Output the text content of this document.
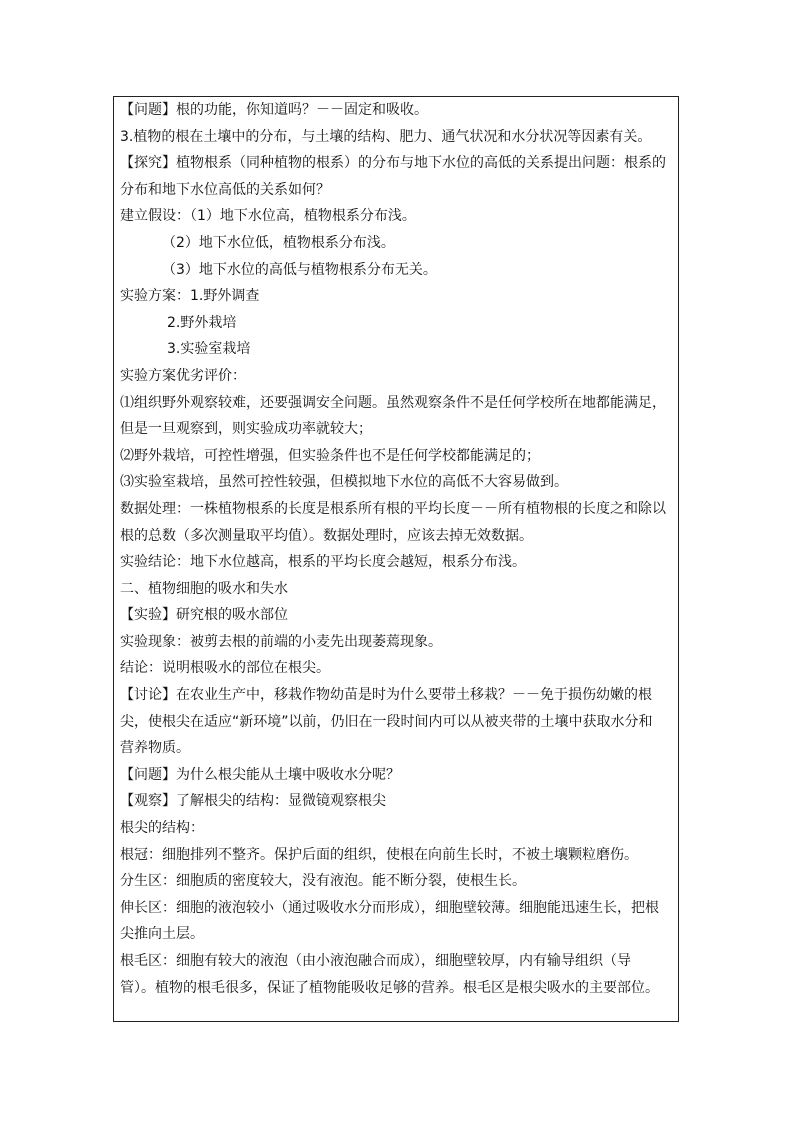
【问题】根的功能，你知道吗？－－固定和吸收。
3.植物的根在土壤中的分布，与土壤的结构、肥力、通气状况和水分状况等因素有关。
【探究】植物根系（同种植物的根系）的分布与地下水位的高低的关系提出问题：根系的
分布和地下水位高低的关系如何？
建立假设：（1）地下水位高，植物根系分布浅。
（2）地下水位低，植物根系分布浅。
（3）地下水位的高低与植物根系分布无关。
实验方案：1.野外调查
2.野外栽培
3.实验室栽培
实验方案优劣评价：
⑴组织野外观察较难，还要强调安全问题。虽然观察条件不是任何学校所在地都能满足，
但是一旦观察到，则实验成功率就较大；
⑵野外栽培，可控性增强，但实验条件也不是任何学校都能满足的；
⑶实验室栽培，虽然可控性较强，但模拟地下水位的高低不大容易做到。
数据处理：一株植物根系的长度是根系所有根的平均长度－－所有植物根的长度之和除以
根的总数（多次测量取平均值）。数据处理时，应该去掉无效数据。
实验结论：地下水位越高，根系的平均长度会越短，根系分布浅。
二、植物细胞的吸水和失水
【实验】研究根的吸水部位
实验现象：被剪去根的前端的小麦先出现萎蔫现象。
结论：说明根吸水的部位在根尖。
【讨论】在农业生产中，移栽作物幼苗是时为什么要带土移栽？－－免于损伤幼嫩的根
尖，使根尖在适应“新环境”以前，仍旧在一段时间内可以从被夹带的土壤中获取水分和
营养物质。
【问题】为什么根尖能从土壤中吸收水分呢？
【观察】了解根尖的结构：显微镜观察根尖
根尖的结构：
根冠：细胞排列不整齐。保护后面的组织，使根在向前生长时，不被土壤颗粒磨伤。
分生区：细胞质的密度较大，没有液泡。能不断分裂，使根生长。
伸长区：细胞的液泡较小（通过吸收水分而形成），细胞壁较薄。细胞能迅速生长，把根
尖推向土层。
根毛区：细胞有较大的液泡（由小液泡融合而成），细胞壁较厚，内有输导组织（导
管）。植物的根毛很多，保证了植物能吸收足够的营养。根毛区是根尖吸水的主要部位。
